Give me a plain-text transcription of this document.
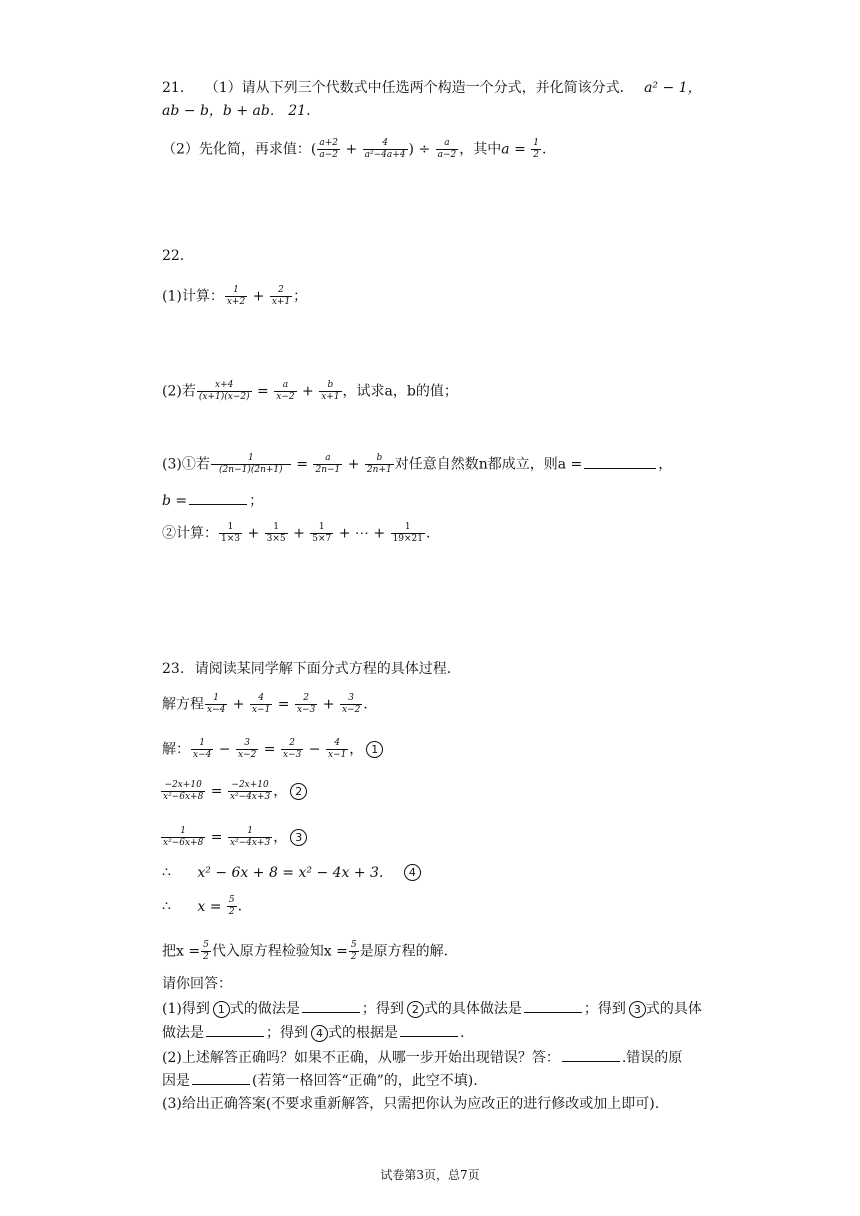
21. （1）请从下列三个代数式中任选两个构造一个分式，并化简该分式． a² − 1，
ab − b，b + ab． 21.
（2）先化简，再求值：( $\frac{a+2}{a-2} + \frac{4}{\text{a²−4a+4}}$ ) ÷ $\frac{a}{a-2}$ ，其中$a = \frac{1}{2}$ .
22.
(1)计算： $\frac{1}{x+2} + \frac{2}{x+1}$ ；
(2)若 $\frac{x+4}{(x+1)(x-2)} = \frac{a}{x-2} + \frac{b}{x+1}$ ，试求a，b的值；
(3)①若 $\frac{1}{(2n-1)(2n+1)} = \frac{a}{2n-1} + \frac{b}{2n+1}$ 对任意自然数n都成立，则a =	，
b =	；
②计算： $\frac{1}{1\times 3} + \frac{1}{3\times 5} + \frac{1}{5\times 7}$ + ⋯ + $\frac{1}{19\times 21}$ .
23. 请阅读某同学解下面分式方程的具体过程.
解方程 $\frac{1}{x-4} + \frac{4}{x-1} = \frac{2}{x-3} + \frac{3}{x-2}$ .
解： $\frac{1}{x-4} - \frac{3}{x-2} = \frac{2}{x-3} - \frac{4}{x-1}$ ， 1
$\frac{-2x+10}{\text{x²−6x+8}} = \frac{-2x+10}{\text{x²−4x+3}}$ ， 2
$\frac{1}{\text{x²−6x+8}} = \frac{1}{\text{x²−4x+3}}$ ， 3
∴ x² − 6x + 8 = x² − 4x + 3. 4
∴ $x = \frac{5}{2}$ .
把$x = \frac{5}{2}$ 代入原方程检验知$x = \frac{5}{2}$ 是原方程的解.
请你回答：
(1)得到 1 式的做法是	；得到 2 式的具体做法是	；得到 3 式的具体
做法是	；得到 4 式的根据是	.
(2)上述解答正确吗？如果不正确，从哪一步开始出现错误？答：	.错误的原
因是	(若第一格回答“正确”的，此空不填).
(3)给出正确答案(不要求重新解答，只需把你认为应改正的进行修改或加上即可).
试卷第3页，总7页
